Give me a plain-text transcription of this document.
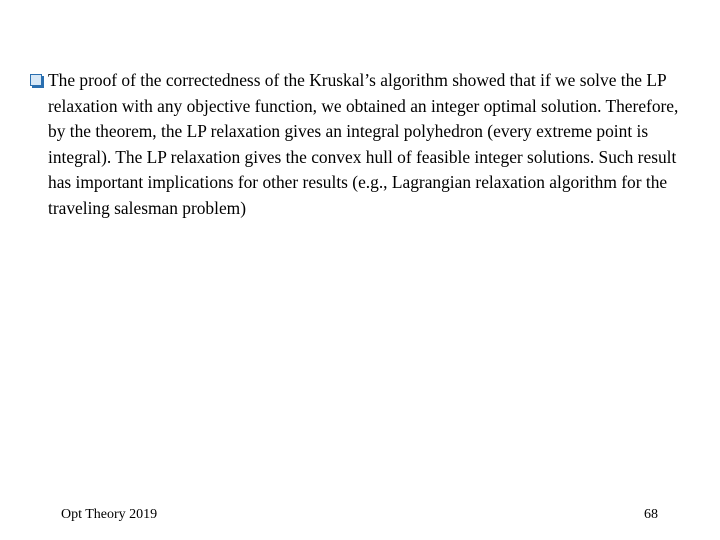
The proof of the correctedness of the Kruskal’s algorithm showed that if we solve the LP relaxation with any objective function, we obtained an integer optimal solution. Therefore, by the theorem, the LP relaxation gives an integral polyhedron (every extreme point is integral). The LP relaxation gives the convex hull of feasible integer solutions. Such result has important implications for other results (e.g., Lagrangian relaxation algorithm for the traveling salesman problem)

Opt Theory 2019	68
